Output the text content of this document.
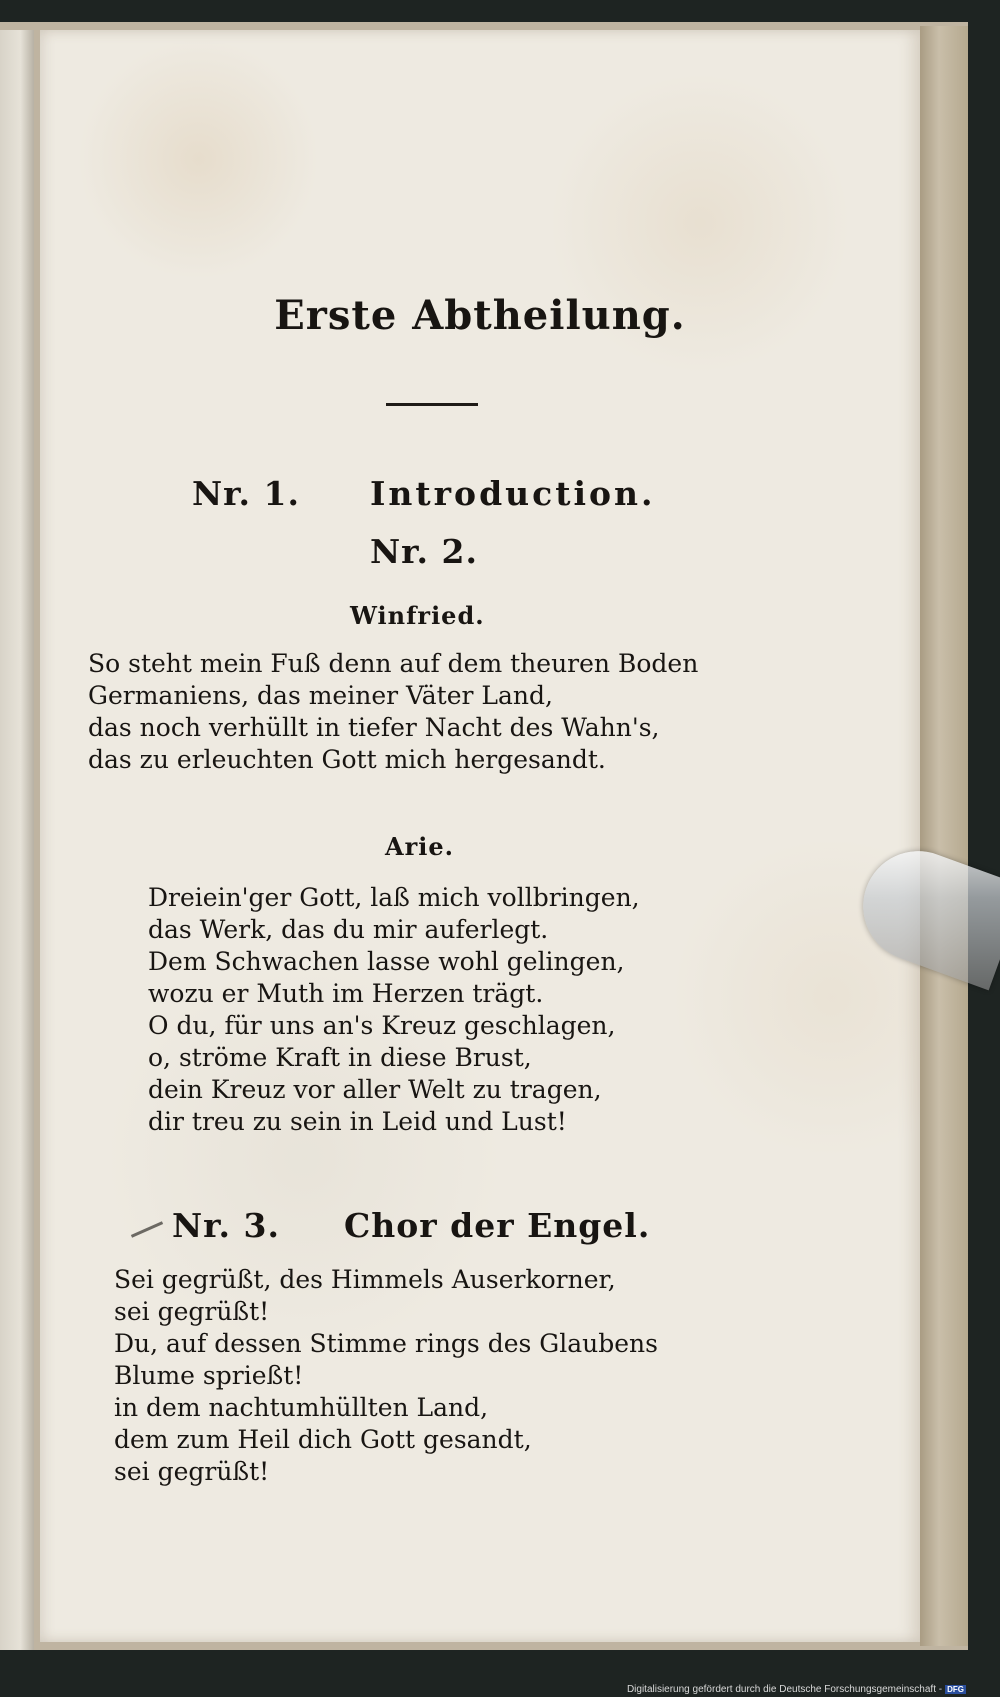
Erste Abtheilung.
Nr. 1. Introduction.
Nr. 2.
Winfried.
So steht mein Fuß denn auf dem theuren Boden
Germaniens, das meiner Väter Land,
das noch verhüllt in tiefer Nacht des Wahn's,
das zu erleuchten Gott mich hergesandt.
Arie.
Dreiein'ger Gott, laß mich vollbringen,
das Werk, das du mir auferlegt.
Dem Schwachen lasse wohl gelingen,
wozu er Muth im Herzen trägt.
O du, für uns an's Kreuz geschlagen,
o, ströme Kraft in diese Brust,
dein Kreuz vor aller Welt zu tragen,
dir treu zu sein in Leid und Lust!
Nr. 3. Chor der Engel.
Sei gegrüßt, des Himmels Auserkorner,
sei gegrüßt!
Du, auf dessen Stimme rings des Glaubens
Blume sprießt!
in dem nachtumhüllten Land,
dem zum Heil dich Gott gesandt,
sei gegrüßt!
Digitalisierung gefördert durch die Deutsche Forschungsgemeinschaft - DFG
